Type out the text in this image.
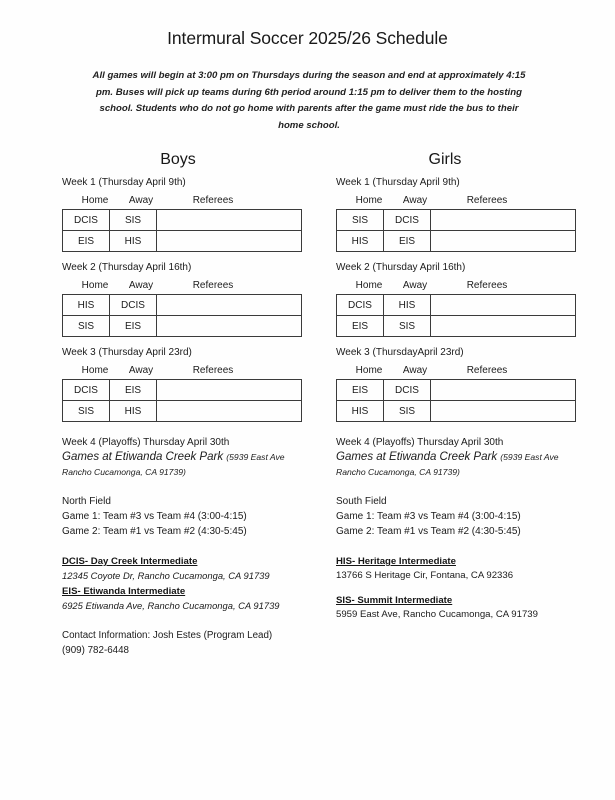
Intermural Soccer 2025/26 Schedule
All games will begin at 3:00 pm on Thursdays during the season and end at approximately 4:15 pm. Buses will pick up teams during 6th period around 1:15 pm to deliver them to the hosting school. Students who do not go home with parents after the game must ride the bus to their home school.
Boys
Week 1 (Thursday April 9th)
Home	Away	Referees
DCIS	SIS	
EIS	HIS	
Week 2 (Thursday April 16th)
Home	Away	Referees
HIS	DCIS	
SIS	EIS	
Week 3 (Thursday April 23rd)
Home	Away	Referees
DCIS	EIS	
SIS	HIS	
Week 4 (Playoffs) Thursday April 30th
Games at Etiwanda Creek Park (5939 East Ave Rancho Cucamonga, CA 91739)
North Field
Game 1: Team #3 vs Team #4 (3:00-4:15)
Game 2: Team #1 vs Team #2 (4:30-5:45)
DCIS- Day Creek Intermediate
12345 Coyote Dr, Rancho Cucamonga, CA 91739
EIS- Etiwanda Intermediate
6925 Etiwanda Ave, Rancho Cucamonga, CA 91739
Contact Information: Josh Estes (Program Lead)
(909) 782-6448
Girls
Week 1 (Thursday April 9th)
Home	Away	Referees
SIS	DCIS	
HIS	EIS	
Week 2 (Thursday April 16th)
Home	Away	Referees
DCIS	HIS	
EIS	SIS	
Week 3 (ThursdayApril 23rd)
Home	Away	Referees
EIS	DCIS	
HIS	SIS	
Week 4 (Playoffs) Thursday April 30th
Games at Etiwanda Creek Park (5939 East Ave Rancho Cucamonga, CA 91739)
South Field
Game 1: Team #3 vs Team #4 (3:00-4:15)
Game 2: Team #1 vs Team #2 (4:30-5:45)
HIS- Heritage Intermediate
13766 S Heritage Cir, Fontana, CA 92336
SIS- Summit Intermediate
5959 East Ave, Rancho Cucamonga, CA 91739
